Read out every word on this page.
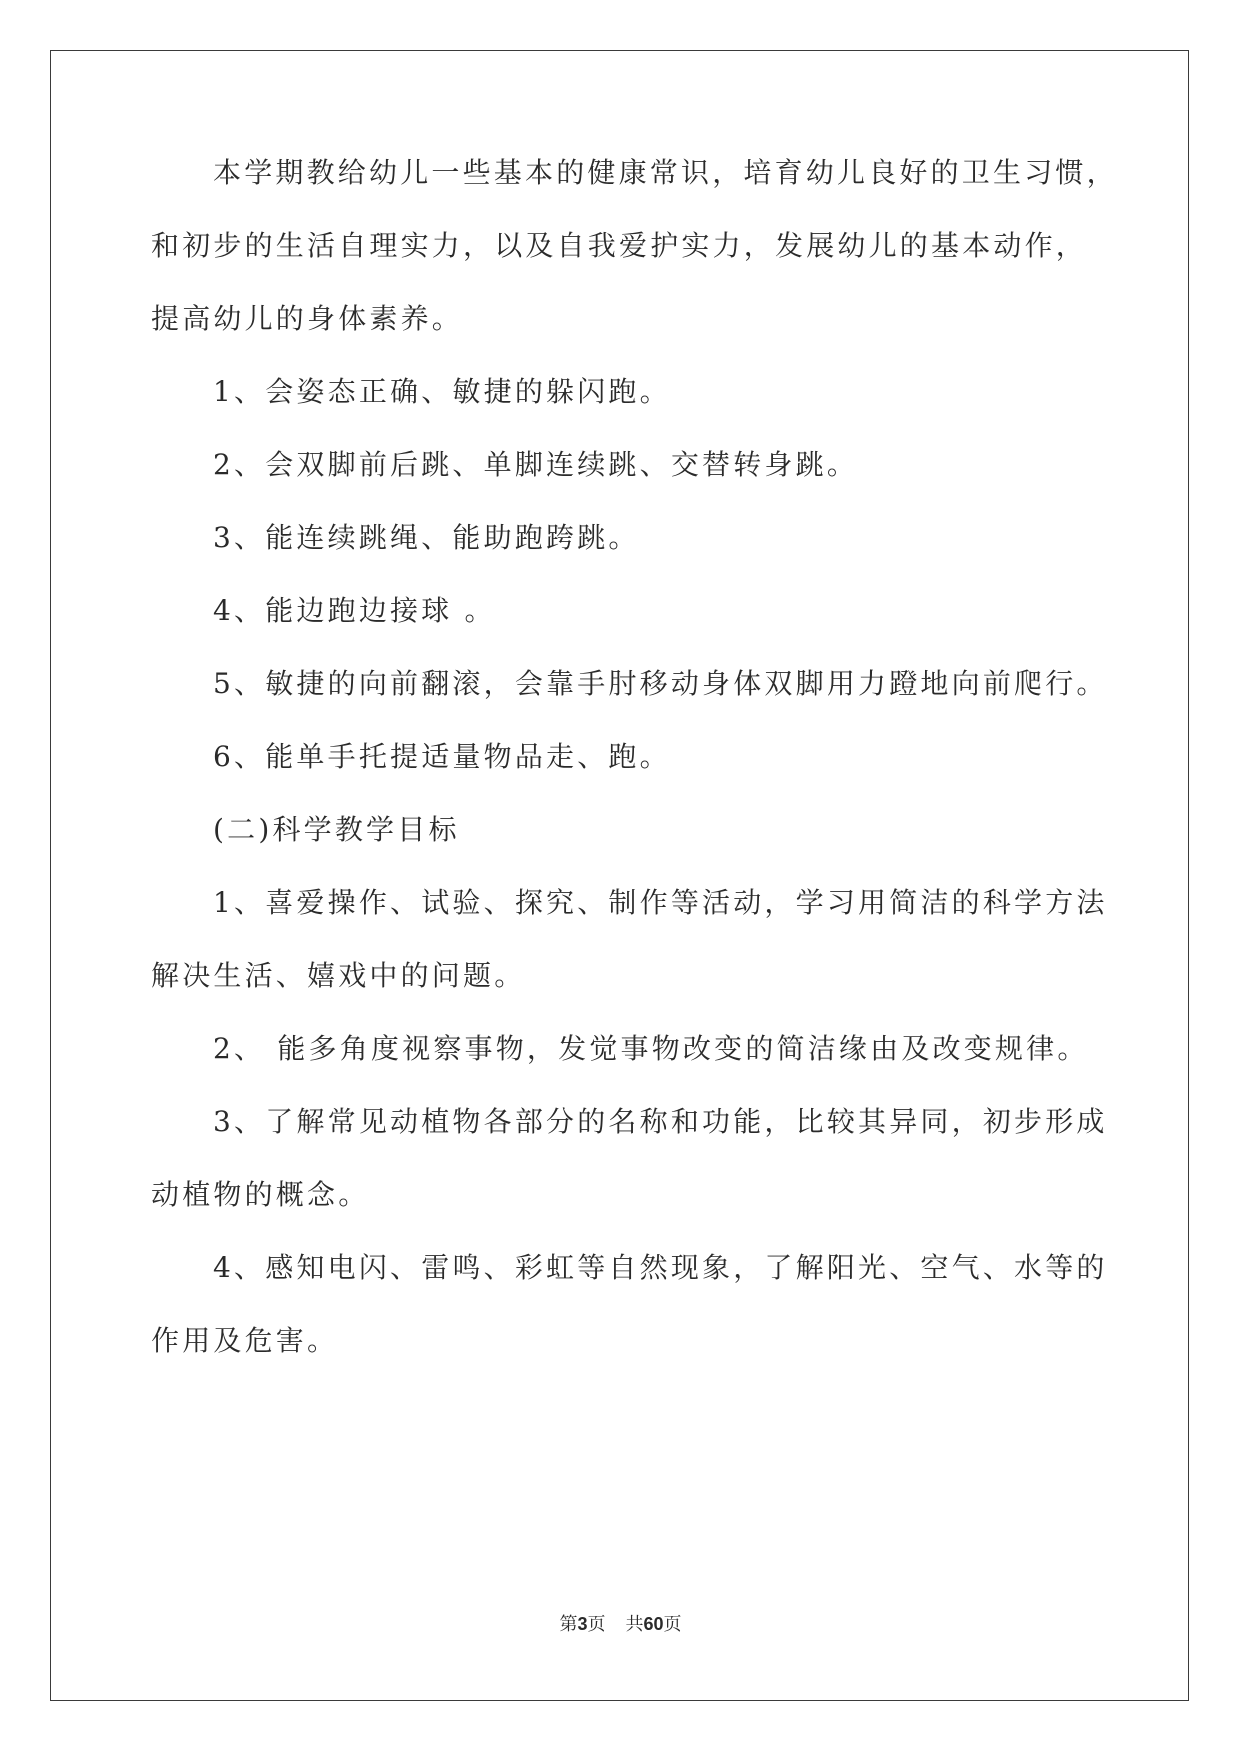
本学期教给幼儿一些基本的健康常识，培育幼儿良好的卫生习惯，
和初步的生活自理实力，以及自我爱护实力，发展幼儿的基本动作，
提高幼儿的身体素养。
1、会姿态正确、敏捷的躲闪跑。
2、会双脚前后跳、单脚连续跳、交替转身跳。
3、能连续跳绳、能助跑跨跳。
4、能边跑边接球 。
5、敏捷的向前翻滚，会靠手肘移动身体双脚用力蹬地向前爬行。
6、能单手托提适量物品走、跑。
(二)科学教学目标
1、喜爱操作、试验、探究、制作等活动，学习用简洁的科学方法
解决生活、嬉戏中的问题。
2、 能多角度视察事物，发觉事物改变的简洁缘由及改变规律。
3、了解常见动植物各部分的名称和功能，比较其异同，初步形成
动植物的概念。
4、感知电闪、雷鸣、彩虹等自然现象，了解阳光、空气、水等的
作用及危害。
第3页 共60页
